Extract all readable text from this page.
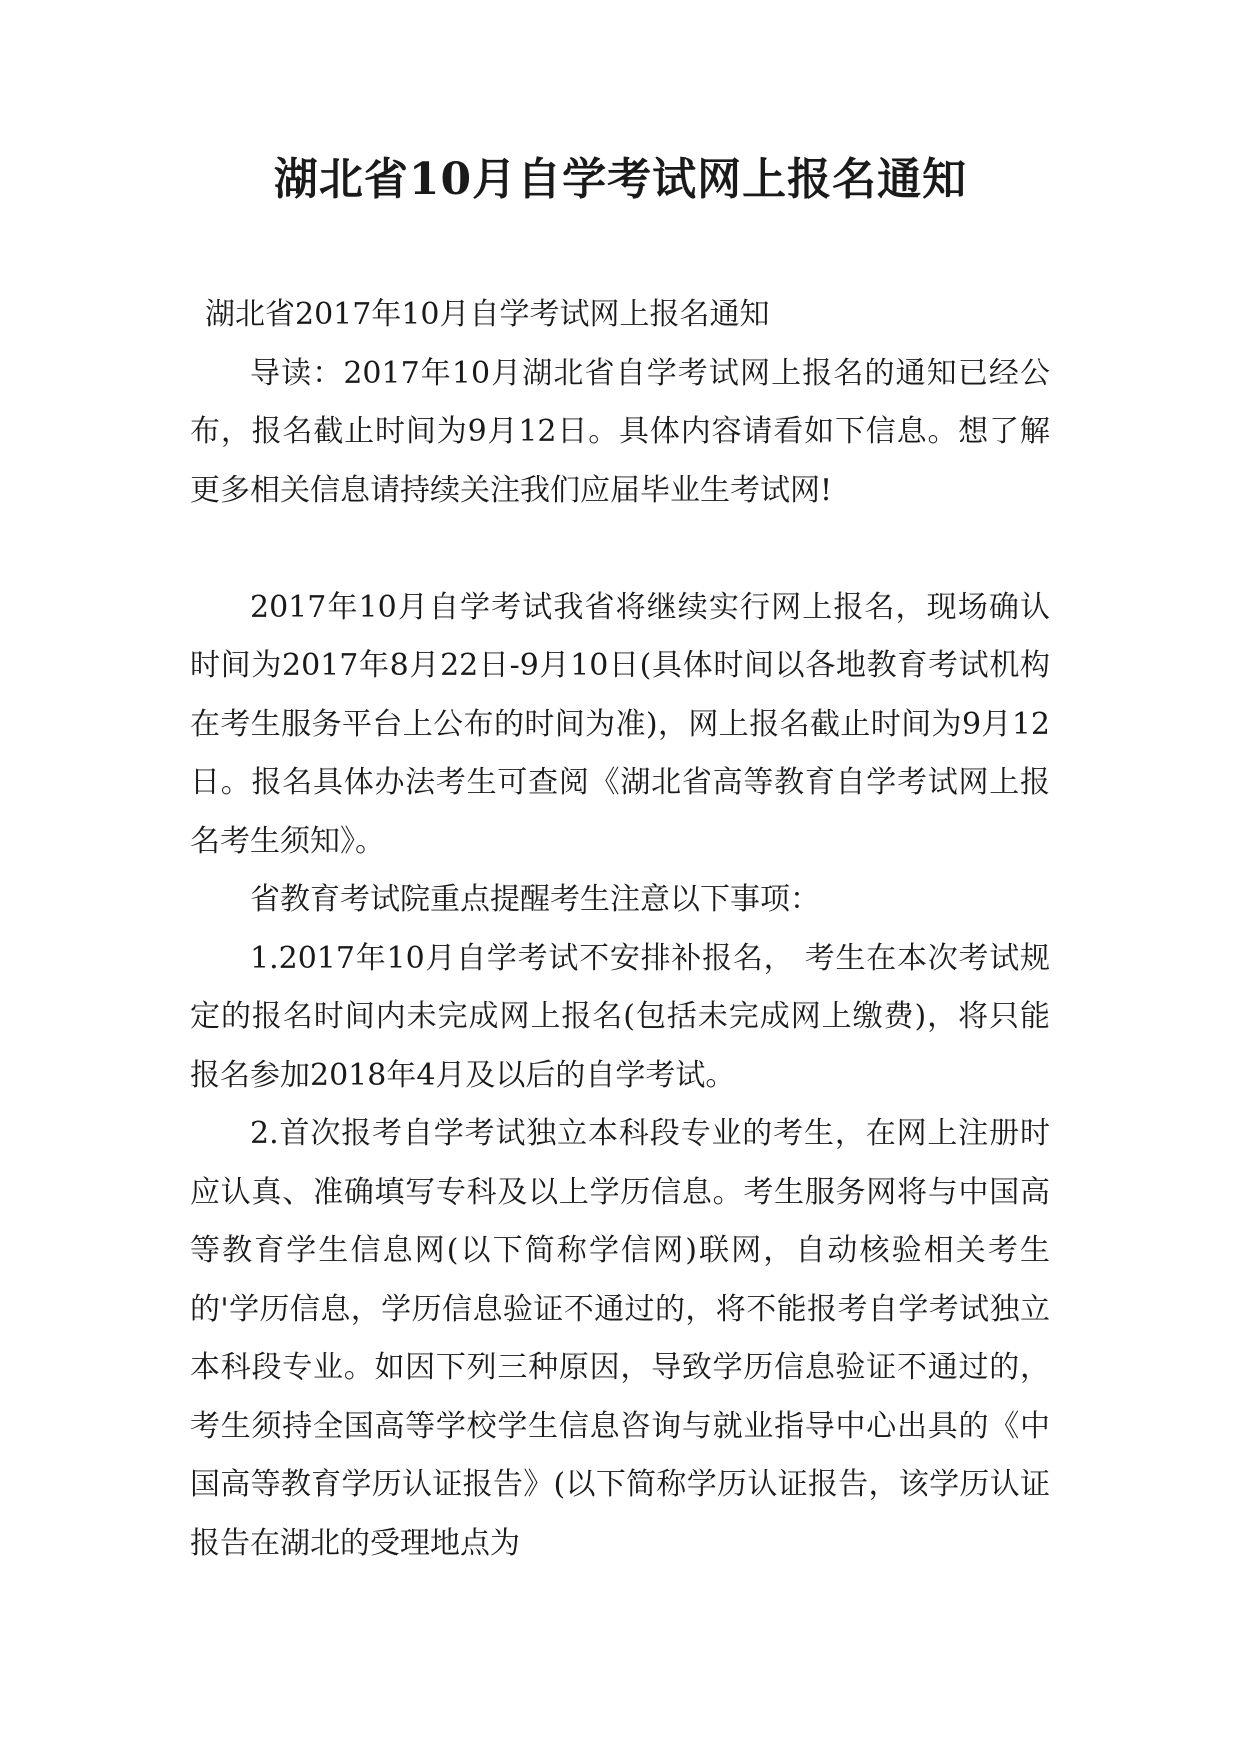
湖北省10月自学考试网上报名通知

湖北省2017年10月自学考试网上报名通知

导读：2017年10月湖北省自学考试网上报名的通知已经公布，报名截止时间为9月12日。具体内容请看如下信息。想了解更多相关信息请持续关注我们应届毕业生考试网!

2017年10月自学考试我省将继续实行网上报名，现场确认时间为2017年8月22日-9月10日(具体时间以各地教育考试机构在考生服务平台上公布的时间为准)，网上报名截止时间为9月12日。报名具体办法考生可查阅《湖北省高等教育自学考试网上报名考生须知》。

省教育考试院重点提醒考生注意以下事项：

1.2017年10月自学考试不安排补报名， 考生在本次考试规定的报名时间内未完成网上报名(包括未完成网上缴费)，将只能报名参加2018年4月及以后的自学考试。

2.首次报考自学考试独立本科段专业的考生，在网上注册时应认真、准确填写专科及以上学历信息。考生服务网将与中国高等教育学生信息网(以下简称学信网)联网，自动核验相关考生的'学历信息，学历信息验证不通过的，将不能报考自学考试独立本科段专业。如因下列三种原因，导致学历信息验证不通过的，考生须持全国高等学校学生信息咨询与就业指导中心出具的《中国高等教育学历认证报告》(以下简称学历认证报告，该学历认证报告在湖北的受理地点为
